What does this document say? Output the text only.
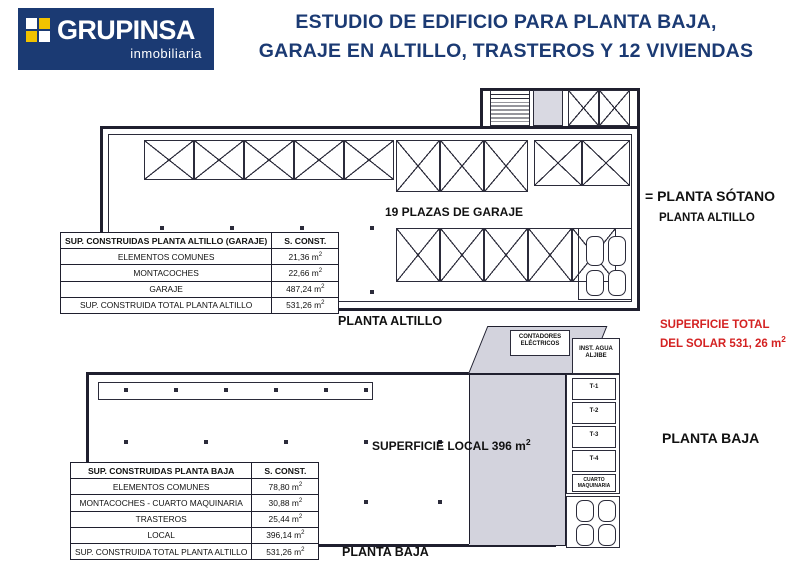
GRUPINSA
inmobiliaria
ESTUDIO DE EDIFICIO PARA PLANTA BAJA,
GARAJE EN ALTILLO, TRASTEROS Y 12 VIVIENDAS
19 PLAZAS DE GARAJE
PLANTA ALTILLO
SUP. CONSTRUIDAS PLANTA ALTILLO (GARAJE)	S. CONST.
ELEMENTOS COMUNES	21,36 $m^2$
MONTACOCHES	22,66 $m^2$
GARAJE	487,24 $m^2$
SUP. CONSTRUIDA TOTAL PLANTA ALTILLO	531,26 $m^2$
= PLANTA SÓTANO
PLANTA ALTILLO
SUPERFICIE TOTAL
DEL SOLAR 531, 26 $m^2$
PLANTA BAJA
CONTADORES
ELÉCTRICOS
INST. AGUA
ALJIBE
T-1
T-2
T-3
T-4
CUARTO
MAQUINARIA
SUPERFICIE LOCAL 396 $m^2$
PLANTA BAJA
SUP. CONSTRUIDAS PLANTA BAJA	S. CONST.
ELEMENTOS COMUNES	78,80 $m^2$
MONTACOCHES - CUARTO MAQUINARIA	30,88 $m^2$
TRASTEROS	25,44 $m^2$
LOCAL	396,14 $m^2$
SUP. CONSTRUIDA TOTAL PLANTA ALTILLO	531,26 $m^2$
